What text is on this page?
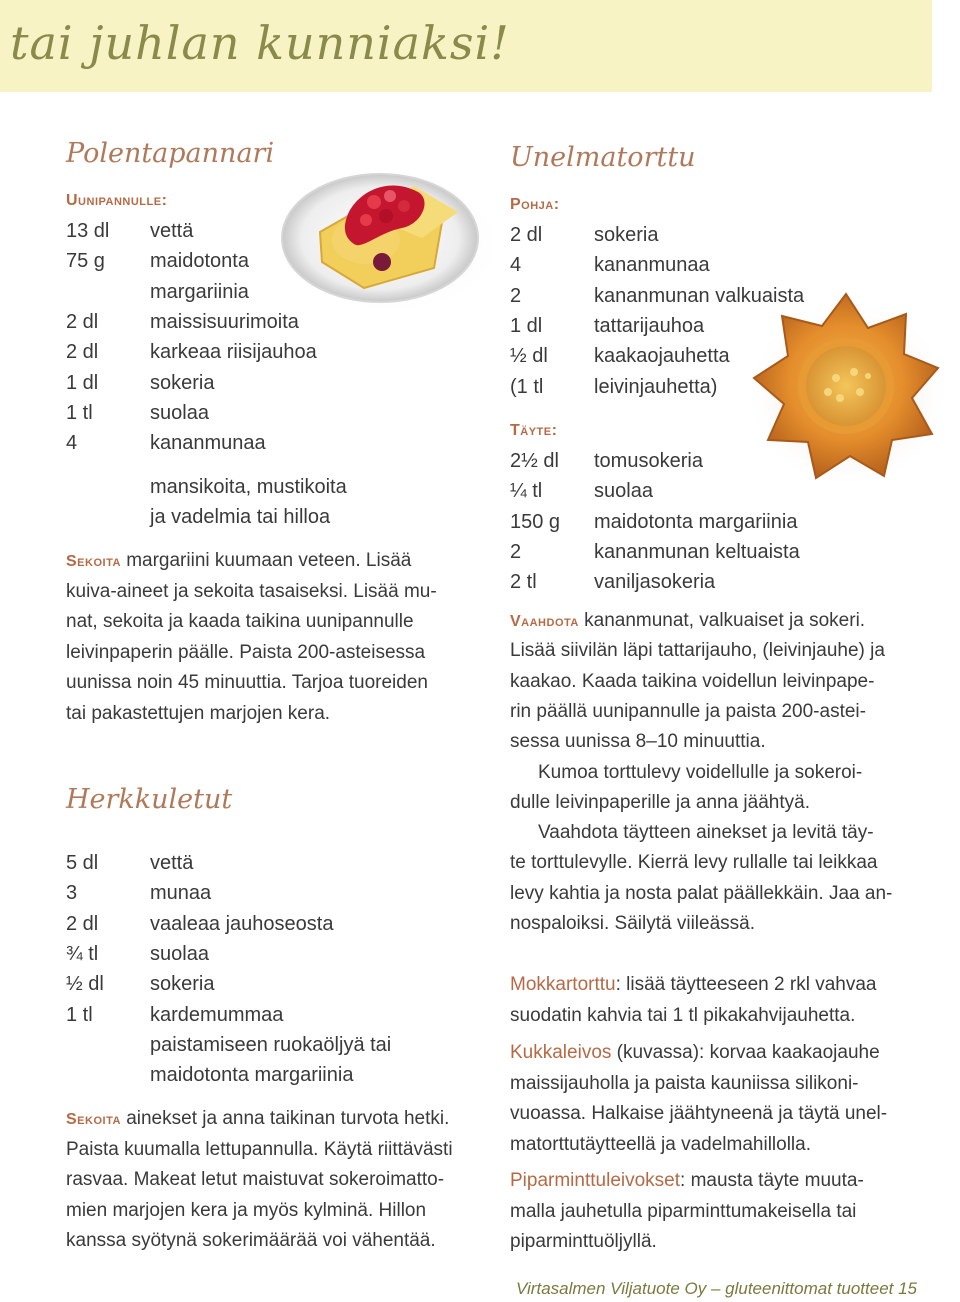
tai juhlan kunniaksi!
Polentapannari
Uunipannulle:
13 dl vettä
75 g maidotonta
margariinia
2 dl	maissisuurimoita
2 dl	karkeaa riisijauhoa
1 dl	sokeria
1 tl	suolaa
4	kananmunaa
mansikoita, mustikoita
ja vadelmia tai hilloa
Sekoita margariini kuumaan veteen. Lisää
kuiva-aineet ja sekoita tasaiseksi. Lisää mu-
nat, sekoita ja kaada taikina uunipannulle
leivinpaperin päälle. Paista 200-asteisessa
uunissa noin 45 minuuttia. Tarjoa tuoreiden
tai pakastettujen marjojen kera.
Herkkuletut
5 dl	vettä
3	munaa
2 dl	vaaleaa jauhoseosta
¾ tl	suolaa
½ dl sokeria
1 tl	kardemummaa
paistamiseen ruokaöljyä tai
maidotonta margariinia
Sekoita ainekset ja anna taikinan turvota hetki.
Paista kuumalla lettupannulla. Käytä riittävästi
rasvaa. Makeat letut maistuvat sokeroimatto-
mien marjojen kera ja myös kylminä. Hillon
kanssa syötynä sokerimäärää voi vähentää.
Unelmatorttu
Pohja:
2 dl	sokeria
4	kananmunaa
2	kananmunan valkuaista
1 dl	tattarijauhoa
½ dl kaakaojauhetta
(1 tl	leivinjauhetta)
Täyte:
2½ dl tomusokeria
¼ tl	suolaa
150 g maidotonta margariinia
2	kananmunan keltuaista
2 tl	vaniljasokeria
Vaahdota kananmunat, valkuaiset ja sokeri.
Lisää siivilän läpi tattarijauho, (leivinjauhe) ja
kaakao. Kaada taikina voidellun leivinpape-
rin päällä uunipannulle ja paista 200-astei-
sessa uunissa 8–10 minuuttia.
Kumoa torttulevy voidellulle ja sokeroi-
dulle leivinpaperille ja anna jäähtyä.
Vaahdota täytteen ainekset ja levitä täy-
te torttulevylle. Kierrä levy rullalle tai leikkaa
levy kahtia ja nosta palat päällekkäin. Jaa an-
nospaloiksi. Säilytä viileässä.
Mokkartorttu: lisää täytteeseen 2 rkl vahvaa
suodatin kahvia tai 1 tl pikakahvijauhetta.
Kukkaleivos (kuvassa): korvaa kaakaojauhe
maissijauholla ja paista kauniissa silikoni-
vuoassa. Halkaise jäähtyneenä ja täytä unel-
matorttutäytteellä ja vadelmahillolla.
Piparminttuleivokset: mausta täyte muuta-
malla jauhetulla piparminttumakeisella tai
piparminttuöljyllä.
Virtasalmen Viljatuote Oy – gluteenittomat tuotteet 15
